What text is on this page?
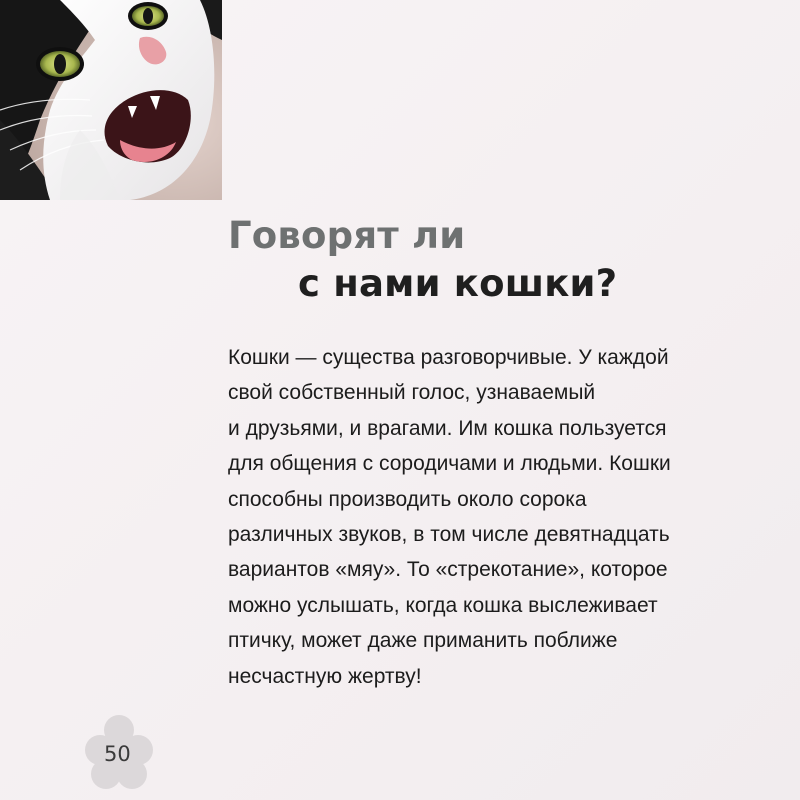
Говорят ли
с нами кошки?

Кошки — существа разговорчивые. У каждой
свой собственный голос, узнаваемый
и друзьями, и врагами. Им кошка пользуется
для общения с сородичами и людьми. Кошки
способны производить около сорока
различных звуков, в том числе девятнадцать
вариантов «мяу». То «стрекотание», которое
можно услышать, когда кошка выслеживает
птичку, может даже приманить поближе
несчастную жертву!

50
